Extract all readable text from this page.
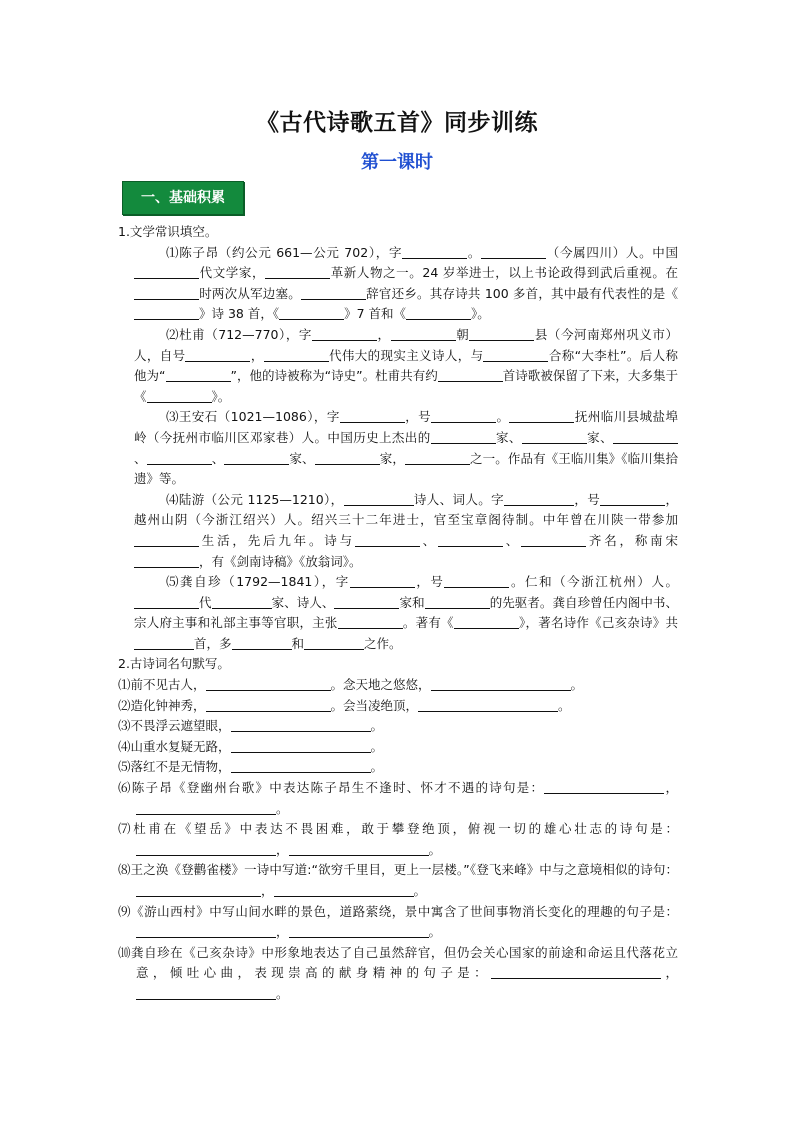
《古代诗歌五首》同步训练
第一课时
一、基础积累

1.文学常识填空。

⑴陈子昂（约公元 661—公元 702），字	。	（今属四川）人。中国代文学家，	革新人物之一。24 岁举进士，以上书论政得到武后重视。在时两次从军边塞。	辞官还乡。其存诗共 100 多首，其中最有代表性的是《》诗 38 首，《	》7 首和《	》。

⑵杜甫（712—770），字	，	朝	县（今河南郑州巩义市）人，自号	，	代伟大的现实主义诗人，与	合称“大李杜”。后人称他为“	”，他的诗被称为“诗史”。杜甫共有约	首诗歌被保留了下来，大多集于《	》。

⑶王安石（1021—1086），字	，号	。	抚州临川县城盐埠岭（今抚州市临川区邓家巷）人。中国历史上杰出的	家、	家、、	、	家、	家，	之一。作品有《王临川集》《临川集拾遗》等。

⑷陆游（公元 1125—1210），	诗人、词人。字	，号	，越州山阴（今浙江绍兴）人。绍兴三十二年进士，官至宝章阁待制。中年曾在川陕一带参加生活，先后九年。诗与	、	、	齐名，称南宋，有《剑南诗稿》《放翁词》。

⑸龚自珍（1792—1841），字	，号	。仁和（今浙江杭州）人。代	家、诗人、	家和	的先驱者。龚自珍曾任内阁中书、宗人府主事和礼部主事等官职，主张	。著有《	》，著名诗作《己亥杂诗》共首，多	和	之作。

2.古诗词名句默写。

⑴前不见古人，	。念天地之悠悠，	。

⑵造化钟神秀，	。会当凌绝顶，	。

⑶不畏浮云遮望眼，	。

⑷山重水复疑无路，	。

⑸落红不是无情物，	。

⑹陈子昂《登幽州台歌》中表达陈子昂生不逢时、怀才不遇的诗句是：	，。

⑺杜甫在《望岳》中表达不畏困难，敢于攀登绝顶，俯视一切的雄心壮志的诗句是：，	。

⑻王之涣《登鹳雀楼》一诗中写道:“欲穷千里目，更上一层楼。”《登飞来峰》中与之意境相似的诗句：，	。

⑼《游山西村》中写山间水畔的景色，道路萦绕，景中寓含了世间事物消长变化的理趣的句子是：，	。

⑽龚自珍在《己亥杂诗》中形象地表达了自己虽然辞官，但仍会关心国家的前途和命运且代落花立意，倾吐心曲，表现崇高的献身精神的句子是：	，。
